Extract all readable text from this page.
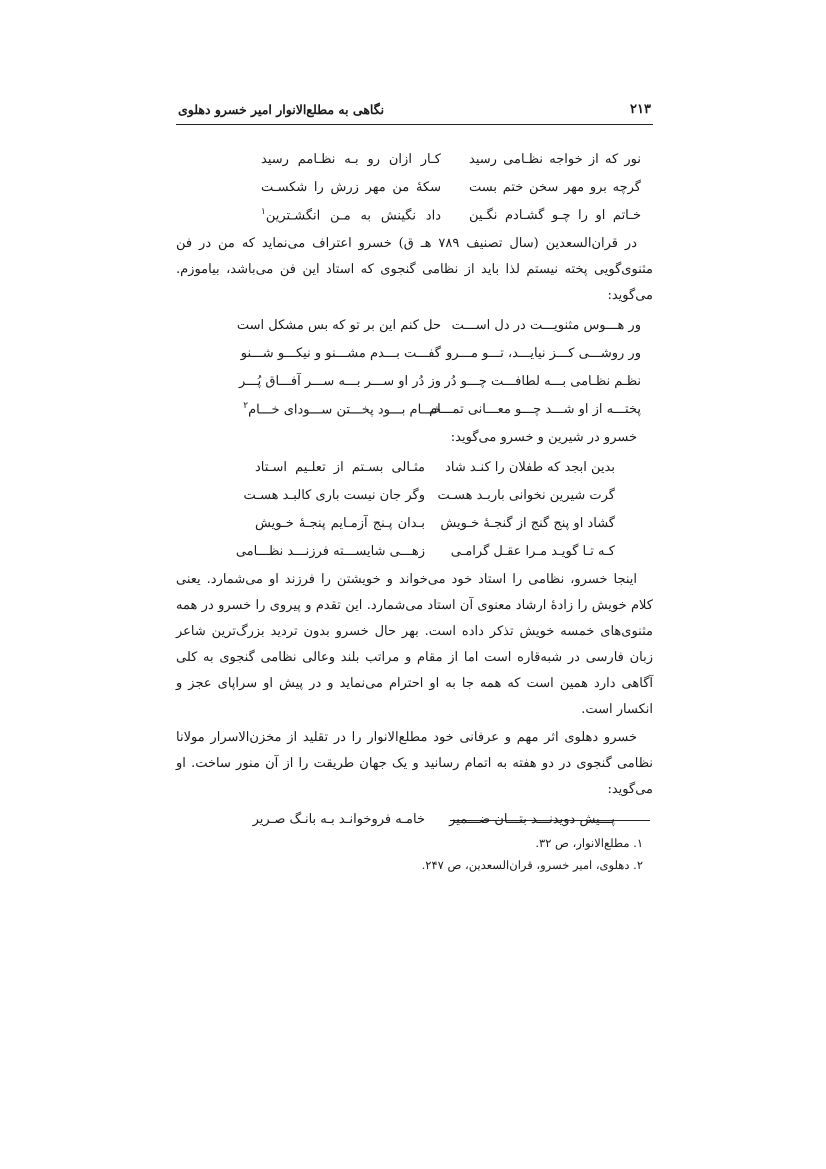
۲۱۳
نگاهی به مطلع‌الانوار امیر خسرو دهلوی
نور که از خواجه نظـامی رسید
کـار ازان رو بـه نظـامم رسید
گرچه برو مهر سخن ختم بست
سکهٔ من مهر زرش را شکسـت
خـاتم او را چـو گشـادم نگـین
داد نگینش به مـن انگشـترین$^۱$

در قران‌السعدین (سال تصنیف ۷۸۹ هـ ق) خسرو اعتراف می‌نماید که من در فن مثنوی‌گویی پخته نیستم لذا باید از نظامی گنجوی که استاد این فن می‌باشد، بیاموزم. می‌گوید:

ور هـــوس مثنویـــت در دل اســـت
حل کنم این بر تو که بس مشکل است
ور روشـــی کـــز نیایـــد، تـــو مـــرو
گفـــت بـــدم مشـــنو و نیکـــو شـــنو
نظـم نظـامی بـــه لطافـــت چـــو دُر
وز دُر او ســـر بـــه ســـر آفـــاق پُـــر
پختـــه از او شـــد چـــو معـــانی تمـــام
خـــام بـــود پخـــتن ســـودای خـــام$^۲$

خسرو در شیرین و خسرو می‌گوید:

بدین ابجد که طفلان را کنـد شاد
مثـالی بسـتم از تعلـیم اسـتاد
گرت شیرین نخوانی باربـد هسـت
وگر جان نیست باری کالبـد هسـت
گشاد او پنج گنج از گنجـهٔ خـویش
بـدان پـنج آزمـایم پنجـهٔ خـویش
کـه تـا گویـد مـرا عقـل گرامـی
زهـــی شایســـته فرزنـــد نظـــامی

اینجا خسرو، نظامی را استاد خود می‌خواند و خویشتن را فرزند او می‌شمارد. یعنی کلام خویش را زادهٔ ارشاد معنوی آن استاد می‌شمارد. این تقدم و پیروی را خسرو در همه مثنوی‌های خمسه خویش تذکر داده است. بهر حال خسرو بدون تردید بزرگ‌ترین شاعر زبان فارسی در شبه‌قاره است اما از مقام و مراتب بلند وعالی نظامی گنجوی به کلی آگاهی دارد همین است که همه جا به او احترام می‌نماید و در پیش او سراپای عجز و انکسار است.

خسرو دهلوی اثر مهم و عرفانی خود مطلع‌الانوار را در تقلید از مخزن‌الاسرار مولانا نظامی گنجوی در دو هفته به اتمام رسانید و یک جهان طریقت را از آن منور ساخت. او می‌گوید:

پـــیش دویدنـــد بتـــان ضـــمیر
خامـه فروخوانـد بـه بانـگ صـریر
۱. مطلع‌الانوار، ص ۳۲.
۲. دهلوی، امیر خسرو، قران‌السعدین، ص ۲۴۷.
